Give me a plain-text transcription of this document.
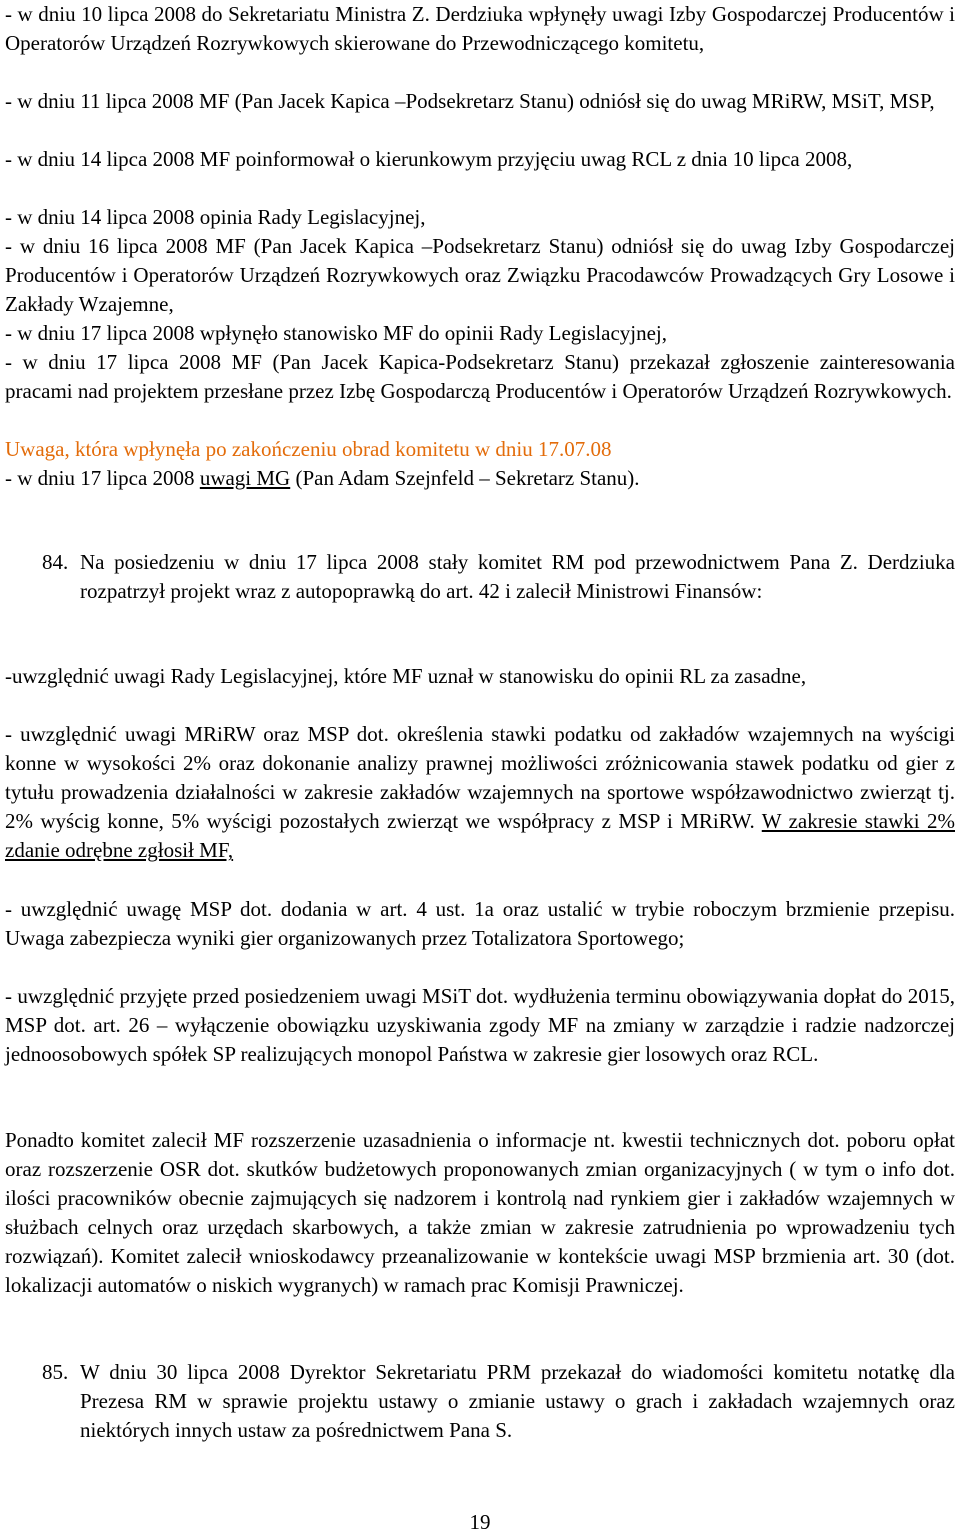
- w dniu 10 lipca 2008 do Sekretariatu Ministra Z. Derdziuka wpłynęły uwagi Izby Gospodarczej Producentów i Operatorów Urządzeń Rozrywkowych skierowane do Przewodniczącego komitetu,

- w dniu 11 lipca 2008 MF (Pan Jacek Kapica –Podsekretarz Stanu) odniósł się do uwag MRiRW, MSiT, MSP,

- w dniu 14 lipca 2008 MF poinformował o kierunkowym przyjęciu uwag RCL z dnia 10 lipca 2008,

- w dniu 14 lipca 2008 opinia Rady Legislacyjnej,

- w dniu 16 lipca 2008 MF (Pan Jacek Kapica –Podsekretarz Stanu) odniósł się do uwag Izby Gospodarczej Producentów i Operatorów Urządzeń Rozrywkowych oraz Związku Pracodawców Prowadzących Gry Losowe i Zakłady Wzajemne,

- w dniu 17 lipca 2008 wpłynęło stanowisko MF do opinii Rady Legislacyjnej,

- w dniu 17 lipca 2008 MF (Pan Jacek Kapica-Podsekretarz Stanu) przekazał zgłoszenie zainteresowania pracami nad projektem przesłane przez Izbę Gospodarczą Producentów i Operatorów Urządzeń Rozrywkowych.

Uwaga, która wpłynęła po zakończeniu obrad komitetu w dniu 17.07.08

- w dniu 17 lipca 2008 uwagi MG (Pan Adam Szejnfeld – Sekretarz Stanu).

84. Na posiedzeniu w dniu 17 lipca 2008 stały komitet RM pod przewodnictwem Pana Z. Derdziuka rozpatrzył projekt wraz z autopoprawką do art. 42 i zalecił Ministrowi Finansów:

-uwzględnić uwagi Rady Legislacyjnej, które MF uznał w stanowisku do opinii RL za zasadne,

- uwzględnić uwagi MRiRW oraz MSP dot. określenia stawki podatku od zakładów wzajemnych na wyścigi konne w wysokości 2% oraz dokonanie analizy prawnej możliwości zróżnicowania stawek podatku od gier z tytułu prowadzenia działalności w zakresie zakładów wzajemnych na sportowe współzawodnictwo zwierząt tj. 2% wyścig konne, 5% wyścigi pozostałych zwierząt we współpracy z MSP i MRiRW. W zakresie stawki 2% zdanie odrębne zgłosił MF,

- uwzględnić uwagę MSP dot. dodania w art. 4 ust. 1a oraz ustalić w trybie roboczym brzmienie przepisu. Uwaga zabezpiecza wyniki gier organizowanych przez Totalizatora Sportowego;

- uwzględnić przyjęte przed posiedzeniem uwagi MSiT dot. wydłużenia terminu obowiązywania dopłat do 2015, MSP dot. art. 26 – wyłączenie obowiązku uzyskiwania zgody MF na zmiany w zarządzie i radzie nadzorczej jednoosobowych spółek SP realizujących monopol Państwa w zakresie gier losowych oraz RCL.

Ponadto komitet zalecił MF rozszerzenie uzasadnienia o informacje nt. kwestii technicznych dot. poboru opłat oraz rozszerzenie OSR dot. skutków budżetowych proponowanych zmian organizacyjnych ( w tym o info dot. ilości pracowników obecnie zajmujących się nadzorem i kontrolą nad rynkiem gier i zakładów wzajemnych w służbach celnych oraz urzędach skarbowych, a także zmian w zakresie zatrudnienia po wprowadzeniu tych rozwiązań). Komitet zalecił wnioskodawcy przeanalizowanie w kontekście uwagi MSP brzmienia art. 30 (dot. lokalizacji automatów o niskich wygranych) w ramach prac Komisji Prawniczej.

85. W dniu 30 lipca 2008 Dyrektor Sekretariatu PRM przekazał do wiadomości komitetu notatkę dla Prezesa RM w sprawie projektu ustawy o zmianie ustawy o grach i zakładach wzajemnych oraz niektórych innych ustaw za pośrednictwem Pana S.

19
